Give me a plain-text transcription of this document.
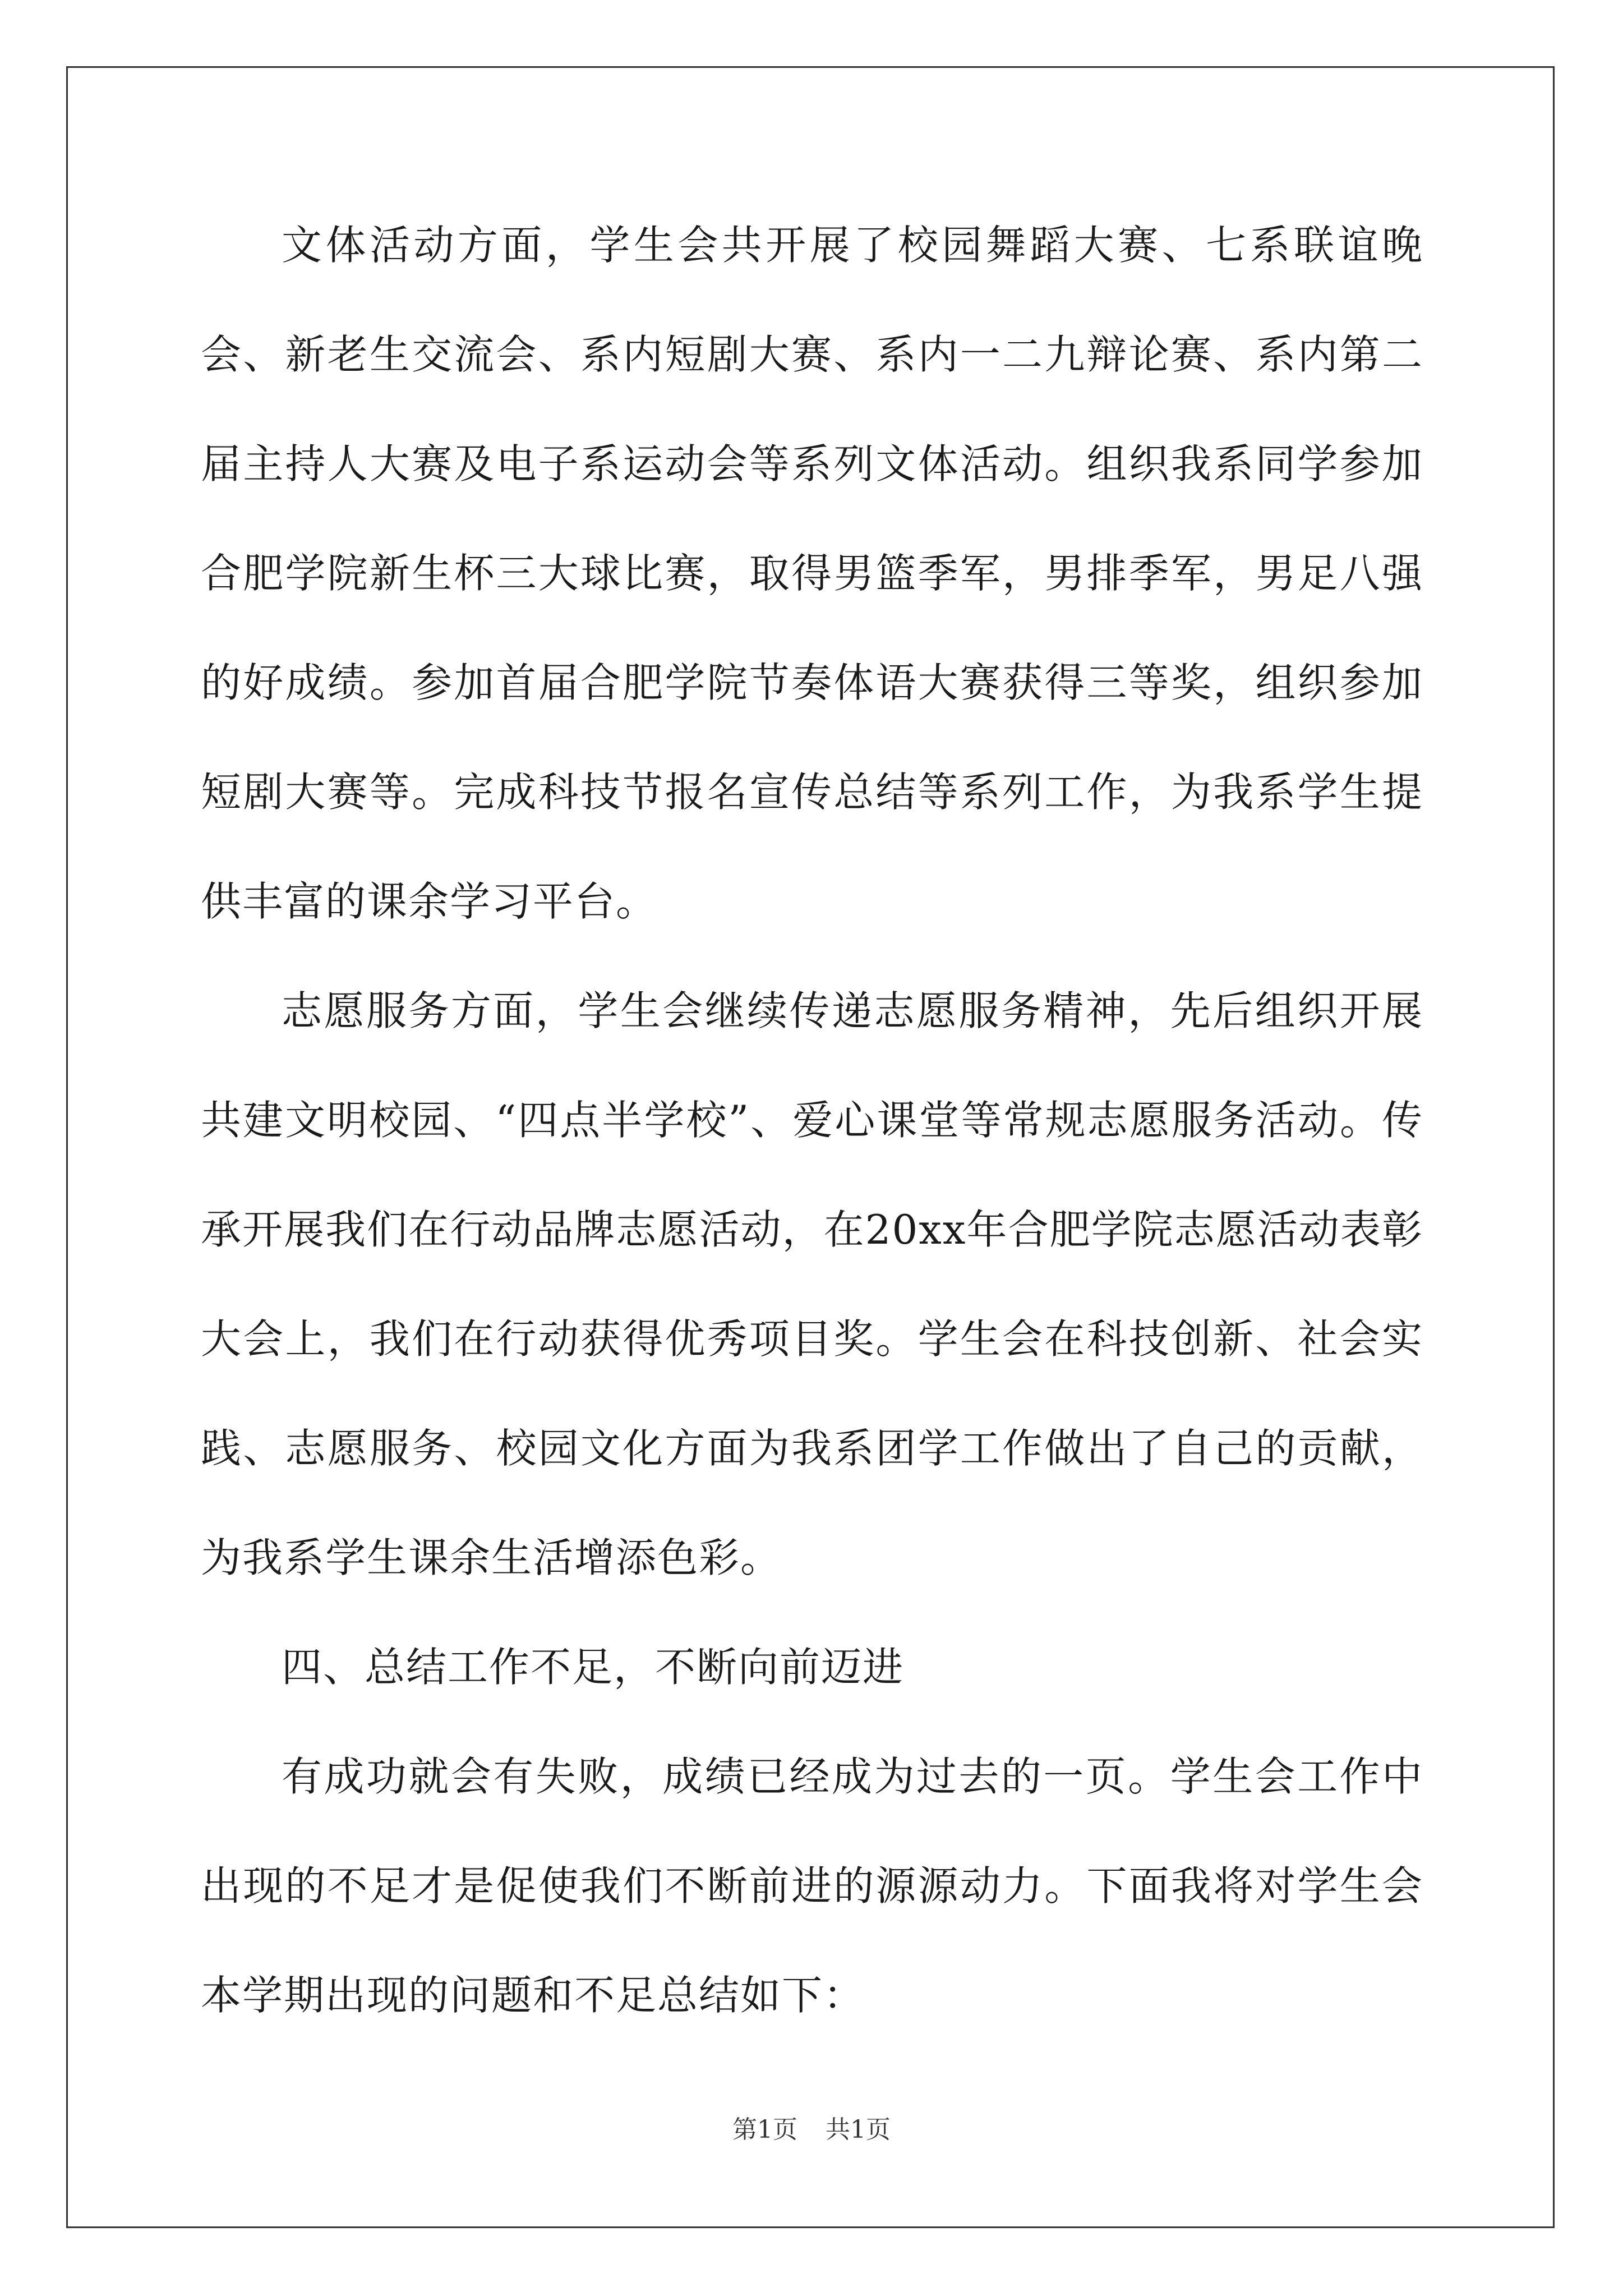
文体活动方面，学生会共开展了校园舞蹈大赛、七系联谊晚会、新老生交流会、系内短剧大赛、系内一二九辩论赛、系内第二届主持人大赛及电子系运动会等系列文体活动。组织我系同学参加合肥学院新生杯三大球比赛，取得男篮季军，男排季军，男足八强的好成绩。参加首届合肥学院节奏体语大赛获得三等奖，组织参加短剧大赛等。完成科技节报名宣传总结等系列工作，为我系学生提供丰富的课余学习平台。

志愿服务方面，学生会继续传递志愿服务精神，先后组织开展共建文明校园、“四点半学校”、爱心课堂等常规志愿服务活动。传承开展我们在行动品牌志愿活动，在20xx年合肥学院志愿活动表彰大会上，我们在行动获得优秀项目奖。学生会在科技创新、社会实践、志愿服务、校园文化方面为我系团学工作做出了自己的贡献，为我系学生课余生活增添色彩。

四、总结工作不足，不断向前迈进

有成功就会有失败，成绩已经成为过去的一页。学生会工作中出现的不足才是促使我们不断前进的源源动力。下面我将对学生会本学期出现的问题和不足总结如下：

第1页 共1页
